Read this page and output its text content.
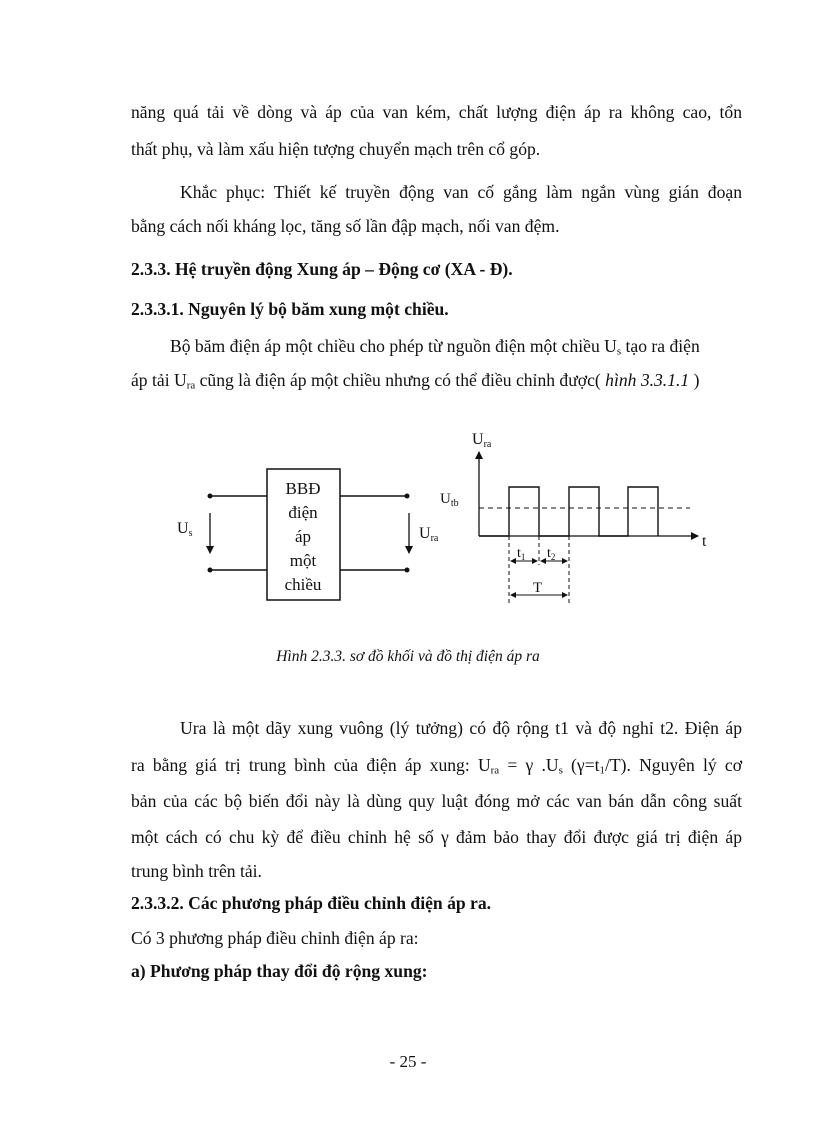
năng quá tải về dòng và áp của van kém, chất lượng điện áp ra không cao, tổn
thất phụ, và làm xấu hiện tượng chuyển mạch trên cổ góp.
Khắc phục: Thiết kế truyền động van cố gắng làm ngắn vùng gián đoạn
bằng cách nối kháng lọc, tăng số lần đập mạch, nối van đệm.
2.3.3. Hệ truyền động Xung áp – Động cơ (XA - Đ).
2.3.3.1. Nguyên lý bộ băm xung một chiều.
Bộ băm điện áp một chiều cho phép từ nguồn điện một chiều $U_s$ tạo ra điện
áp tải $U_{ra}$ cũng là điện áp một chiều nhưng có thể điều chỉnh được( hình 3.3.1.1 )
BBĐ
điện
áp
một
chiều
Us	Ura
Ura
t
$U_{tb}$
$t_1$ $t_2$
T
Hình 2.3.3. sơ đồ khối và đồ thị điện áp ra
Ura là một dãy xung vuông (lý tưởng) có độ rộng t1 và độ nghỉ t2. Điện áp
ra bằng giá trị trung bình của điện áp xung: $U_{ra} = \gamma$ $.U_s$ $(\gamma=t_1/T)$. Nguyên lý cơ
bản của các bộ biến đổi này là dùng quy luật đóng mở các van bán dẫn công suất
một cách có chu kỳ để điều chỉnh hệ số γ đảm bảo thay đổi được giá trị điện áp
trung bình trên tải.
2.3.3.2. Các phương pháp điều chỉnh điện áp ra.
Có 3 phương pháp điều chỉnh điện áp ra:
a) Phương pháp thay đổi độ rộng xung:
- 25 -
